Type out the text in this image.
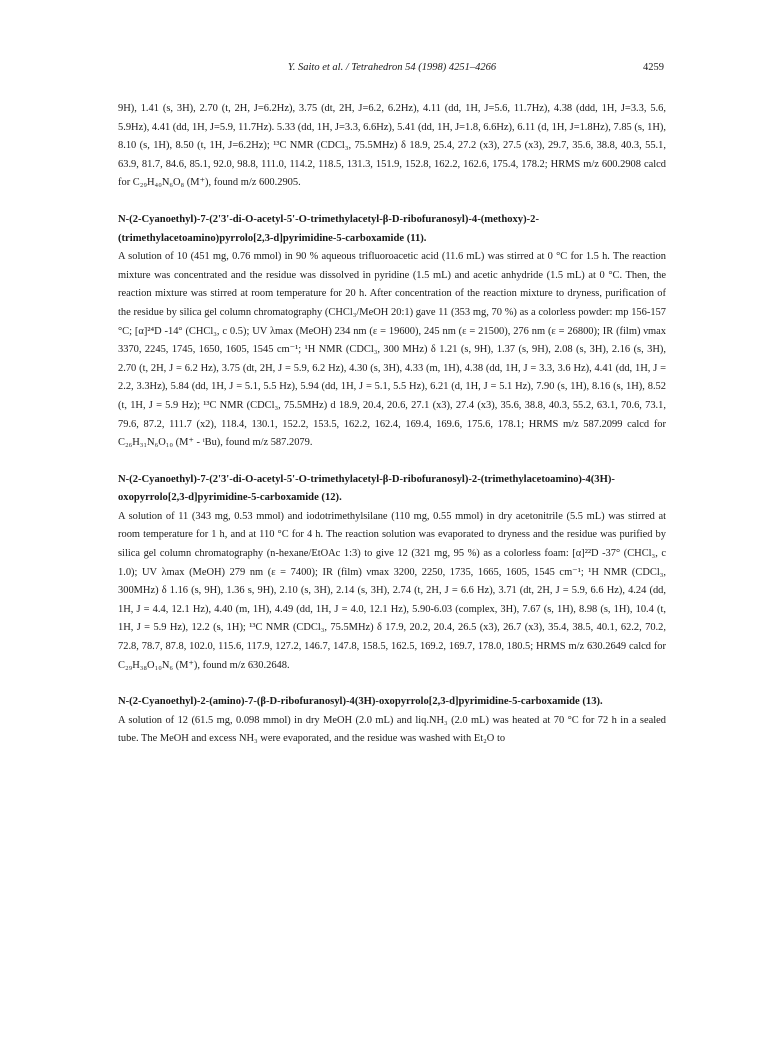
Y. Saito et al. / Tetrahedron 54 (1998) 4251–4266	4259

9H), 1.41 (s, 3H), 2.70 (t, 2H, J=6.2Hz), 3.75 (dt, 2H, J=6.2, 6.2Hz), 4.11 (dd, 1H, J=5.6, 11.7Hz), 4.38 (ddd, 1H, J=3.3, 5.6, 5.9Hz), 4.41 (dd, 1H, J=5.9, 11.7Hz). 5.33 (dd, 1H, J=3.3, 6.6Hz), 5.41 (dd, 1H, J=1.8, 6.6Hz), 6.11 (d, 1H, J=1.8Hz), 7.85 (s, 1H), 8.10 (s, 1H), 8.50 (t, 1H, J=6.2Hz); ¹³C NMR (CDCl₃, 75.5MHz) δ 18.9, 25.4, 27.2 (x3), 27.5 (x3), 29.7, 35.6, 38.8, 40.3, 55.1, 63.9, 81.7, 84.6, 85.1, 92.0, 98.8, 111.0, 114.2, 118.5, 131.3, 151.9, 152.8, 162.2, 162.6, 175.4, 178.2; HRMS m/z 600.2908 calcd for C₂₉H₄₀N₆O₈ (M⁺), found m/z 600.2905.

N-(2-Cyanoethyl)-7-(2'3'-di-O-acetyl-5'-O-trimethylacetyl-β-D-ribofuranosyl)-4-(methoxy)-2-(trimethylacetoamino)pyrrolo[2,3-d]pyrimidine-5-carboxamide (11).

A solution of 10 (451 mg, 0.76 mmol) in 90 % aqueous trifluoroacetic acid (11.6 mL) was stirred at 0 °C for 1.5 h. The reaction mixture was concentrated and the residue was dissolved in pyridine (1.5 mL) and acetic anhydride (1.5 mL) at 0 °C. Then, the reaction mixture was stirred at room temperature for 20 h. After concentration of the reaction mixture to dryness, purification of the residue by silica gel column chromatography (CHCl₃/MeOH 20:1) gave 11 (353 mg, 70 %) as a colorless powder: mp 156-157 °C; [α]²⁴D -14° (CHCl₃, c 0.5); UV λmax (MeOH) 234 nm (ε = 19600), 245 nm (ε = 21500), 276 nm (ε = 26800); IR (film) νmax 3370, 2245, 1745, 1650, 1605, 1545 cm⁻¹; ¹H NMR (CDCl₃, 300 MHz) δ 1.21 (s, 9H), 1.37 (s, 9H), 2.08 (s, 3H), 2.16 (s, 3H), 2.70 (t, 2H, J = 6.2 Hz), 3.75 (dt, 2H, J = 5.9, 6.2 Hz), 4.30 (s, 3H), 4.33 (m, 1H), 4.38 (dd, 1H, J = 3.3, 3.6 Hz), 4.41 (dd, 1H, J = 2.2, 3.3Hz), 5.84 (dd, 1H, J = 5.1, 5.5 Hz), 5.94 (dd, 1H, J = 5.1, 5.5 Hz), 6.21 (d, 1H, J = 5.1 Hz), 7.90 (s, 1H), 8.16 (s, 1H), 8.52 (t, 1H, J = 5.9 Hz); ¹³C NMR (CDCl₃, 75.5MHz) d 18.9, 20.4, 20.6, 27.1 (x3), 27.4 (x3), 35.6, 38.8, 40.3, 55.2, 63.1, 70.6, 73.1, 79.6, 87.2, 111.7 (x2), 118.4, 130.1, 152.2, 153.5, 162.2, 162.4, 169.4, 169.6, 175.6, 178.1; HRMS m/z 587.2099 calcd for C₂₆H₃₁N₆O₁₀ (M⁺ - ᵗBu), found m/z 587.2079.

N-(2-Cyanoethyl)-7-(2'3'-di-O-acetyl-5'-O-trimethylacetyl-β-D-ribofuranosyl)-2-(trimethylacetoamino)-4(3H)-oxopyrrolo[2,3-d]pyrimidine-5-carboxamide (12).

A solution of 11 (343 mg, 0.53 mmol) and iodotrimethylsilane (110 mg, 0.55 mmol) in dry acetonitrile (5.5 mL) was stirred at room temperature for 1 h, and at 110 °C for 4 h. The reaction solution was evaporated to dryness and the residue was purified by silica gel column chromatography (n-hexane/EtOAc 1:3) to give 12 (321 mg, 95 %) as a colorless foam: [α]²²D -37° (CHCl₃, c 1.0); UV λmax (MeOH) 279 nm (ε = 7400); IR (film) νmax 3200, 2250, 1735, 1665, 1605, 1545 cm⁻¹; ¹H NMR (CDCl₃, 300MHz) δ 1.16 (s, 9H), 1.36 s, 9H), 2.10 (s, 3H), 2.14 (s, 3H), 2.74 (t, 2H, J = 6.6 Hz), 3.71 (dt, 2H, J = 5.9, 6.6 Hz), 4.24 (dd, 1H, J = 4.4, 12.1 Hz), 4.40 (m, 1H), 4.49 (dd, 1H, J = 4.0, 12.1 Hz), 5.90-6.03 (complex, 3H), 7.67 (s, 1H), 8.98 (s, 1H), 10.4 (t, 1H, J = 5.9 Hz), 12.2 (s, 1H); ¹³C NMR (CDCl₃, 75.5MHz) δ 17.9, 20.2, 20.4, 26.5 (x3), 26.7 (x3), 35.4, 38.5, 40.1, 62.2, 70.2, 72.8, 78.7, 87.8, 102.0, 115.6, 117.9, 127.2, 146.7, 147.8, 158.5, 162.5, 169.2, 169.7, 178.0, 180.5; HRMS m/z 630.2649 calcd for C₂₉H₃₈O₁₀N₆ (M⁺), found m/z 630.2648.

N-(2-Cyanoethyl)-2-(amino)-7-(β-D-ribofuranosyl)-4(3H)-oxopyrrolo[2,3-d]pyrimidine-5-carboxamide (13).

A solution of 12 (61.5 mg, 0.098 mmol) in dry MeOH (2.0 mL) and liq.NH₃ (2.0 mL) was heated at 70 °C for 72 h in a sealed tube. The MeOH and excess NH₃ were evaporated, and the residue was washed with Et₂O to
